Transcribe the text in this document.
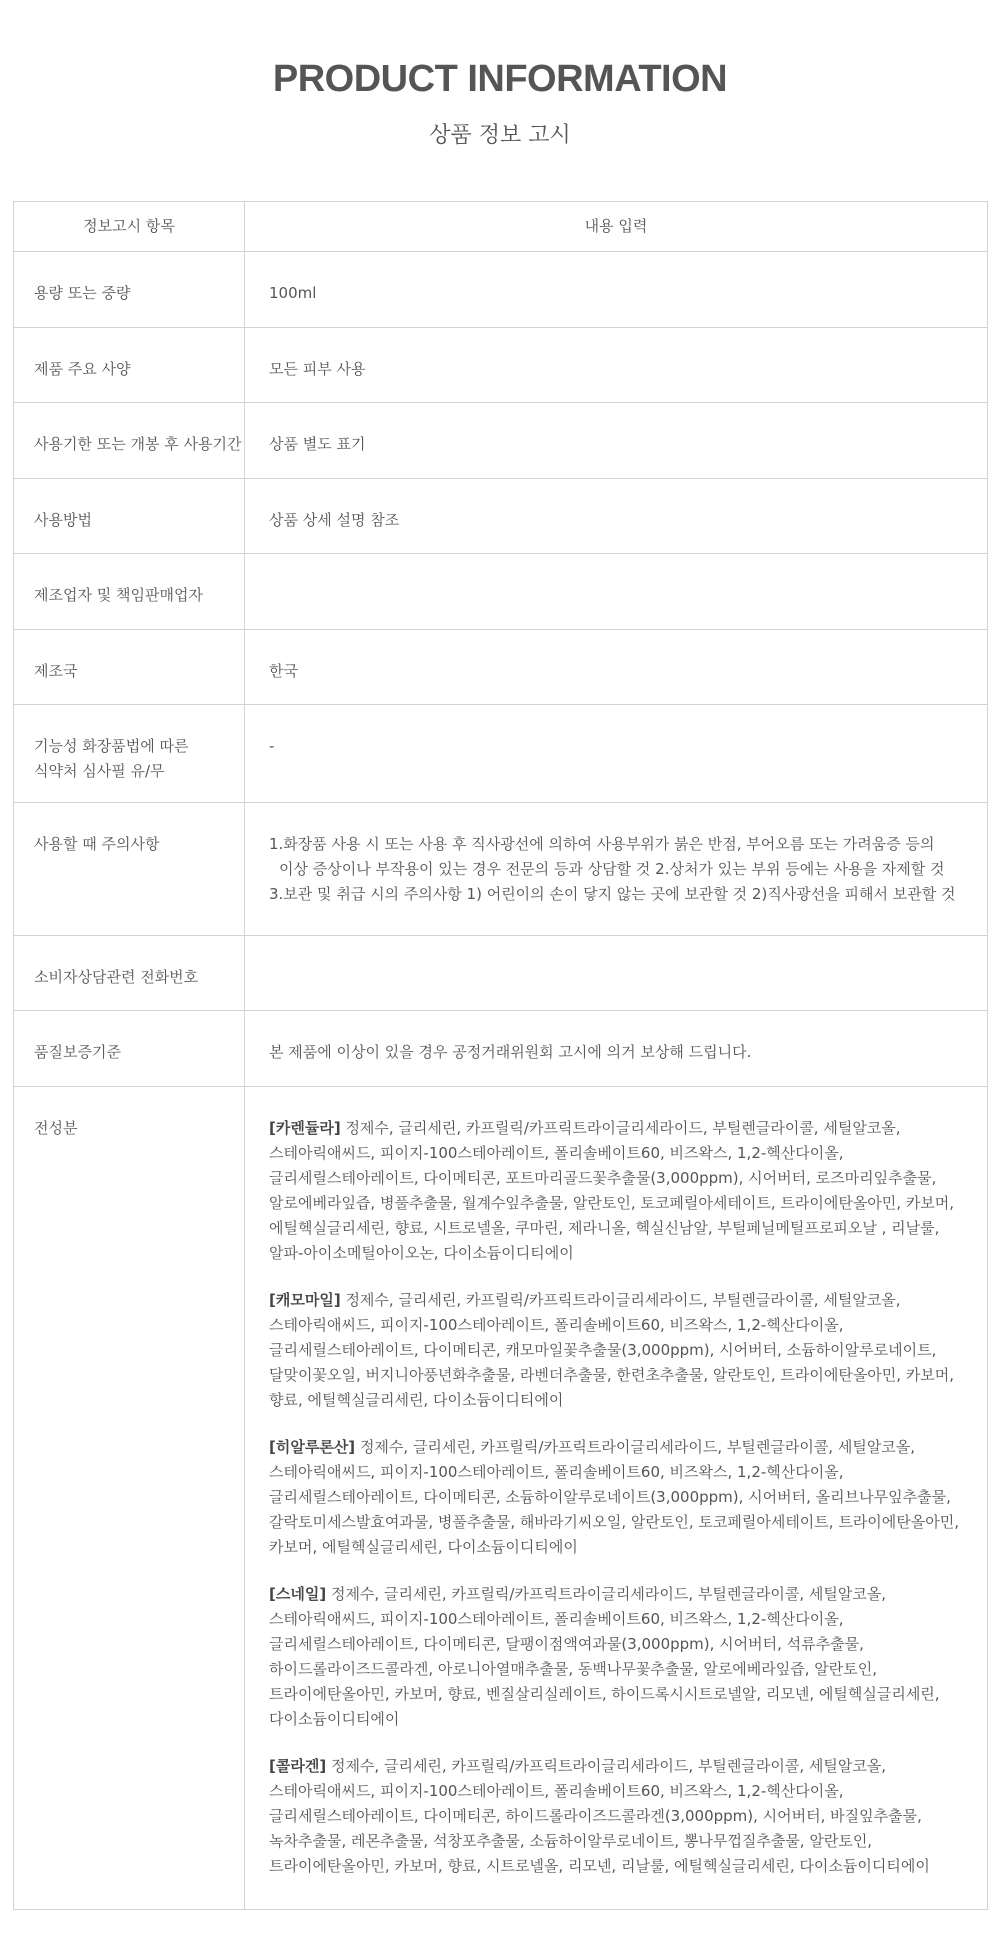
PRODUCT INFORMATION
상품 정보 고시
정보고시 항목	내용 입력
용량 또는 중량	100ml
제품 주요 사양	모든 피부 사용
사용기한 또는 개봉 후 사용기간	상품 별도 표기
사용방법	상품 상세 설명 참조
제조업자 및 책임판매업자	
제조국	한국
기능성 화장품법에 따른 식약처 심사필 유/무	-
사용할 때 주의사항	1.화장품 사용 시 또는 사용 후 직사광선에 의하여 사용부위가 붉은 반점, 부어오름 또는 가려움증 등의
이상 증상이나 부작용이 있는 경우 전문의 등과 상담할 것 2.상처가 있는 부위 등에는 사용을 자제할 것
3.보관 및 취급 시의 주의사항 1) 어린이의 손이 닿지 않는 곳에 보관할 것 2)직사광선을 피해서 보관할 것

소비자상담관련 전화번호	
품질보증기준	본 제품에 이상이 있을 경우 공정거래위원회 고시에 의거 보상해 드립니다.
전성분	[카렌듈라] 정제수, 글리세린, 카프릴릭/카프릭트라이글리세라이드, 부틸렌글라이콜, 세틸알코올, 스테아릭애씨드, 피이지-100스테아레이트, 폴리솔베이트60, 비즈왁스, 1,2-헥산다이올, 글리세릴스테아레이트, 다이메티콘, 포트마리골드꽃추출물(3,000ppm), 시어버터, 로즈마리잎추출물, 알로에베라잎즙, 병풀추출물, 월계수잎추출물, 알란토인, 토코페릴아세테이트, 트라이에탄올아민, 카보머, 에틸헥실글리세린, 향료, 시트로넬올, 쿠마린, 제라니올, 헥실신남알, 부틸페닐메틸프로피오날 , 리날룰, 알파-아이소메틸아이오논, 다이소듐이디티에이
[캐모마일] 정제수, 글리세린, 카프릴릭/카프릭트라이글리세라이드, 부틸렌글라이콜, 세틸알코올, 스테아릭애씨드, 피이지-100스테아레이트, 폴리솔베이트60, 비즈왁스, 1,2-헥산다이올, 글리세릴스테아레이트, 다이메티콘, 캐모마일꽃추출물(3,000ppm), 시어버터, 소듐하이알루로네이트, 달맞이꽃오일, 버지니아풍년화추출물, 라벤더추출물, 한련초추출물, 알란토인, 트라이에탄올아민, 카보머, 향료, 에틸헥실글리세린, 다이소듐이디티에이
[히알루론산] 정제수, 글리세린, 카프릴릭/카프릭트라이글리세라이드, 부틸렌글라이콜, 세틸알코올, 스테아릭애씨드, 피이지-100스테아레이트, 폴리솔베이트60, 비즈왁스, 1,2-헥산다이올, 글리세릴스테아레이트, 다이메티콘, 소듐하이알루로네이트(3,000ppm), 시어버터, 올리브나무잎추출물, 갈락토미세스발효여과물, 병풀추출물, 해바라기씨오일, 알란토인, 토코페릴아세테이트, 트라이에탄올아민, 카보머, 에틸헥실글리세린, 다이소듐이디티에이
[스네일] 정제수, 글리세린, 카프릴릭/카프릭트라이글리세라이드, 부틸렌글라이콜, 세틸알코올, 스테아릭애씨드, 피이지-100스테아레이트, 폴리솔베이트60, 비즈왁스, 1,2-헥산다이올, 글리세릴스테아레이트, 다이메티콘, 달팽이점액여과물(3,000ppm), 시어버터, 석류추출물, 하이드롤라이즈드콜라겐, 아로니아열매추출물, 동백나무꽃추출물, 알로에베라잎즙, 알란토인, 트라이에탄올아민, 카보머, 향료, 벤질살리실레이트, 하이드록시시트로넬알, 리모넨, 에틸헥실글리세린, 다이소듐이디티에이
[콜라겐] 정제수, 글리세린, 카프릴릭/카프릭트라이글리세라이드, 부틸렌글라이콜, 세틸알코올, 스테아릭애씨드, 피이지-100스테아레이트, 폴리솔베이트60, 비즈왁스, 1,2-헥산다이올, 글리세릴스테아레이트, 다이메티콘, 하이드롤라이즈드콜라겐(3,000ppm), 시어버터, 바질잎추출물, 녹차추출물, 레몬추출물, 석창포추출물, 소듐하이알루로네이트, 뽕나무껍질추출물, 알란토인, 트라이에탄올아민, 카보머, 향료, 시트로넬올, 리모넨, 리날룰, 에틸헥실글리세린, 다이소듐이디티에이
